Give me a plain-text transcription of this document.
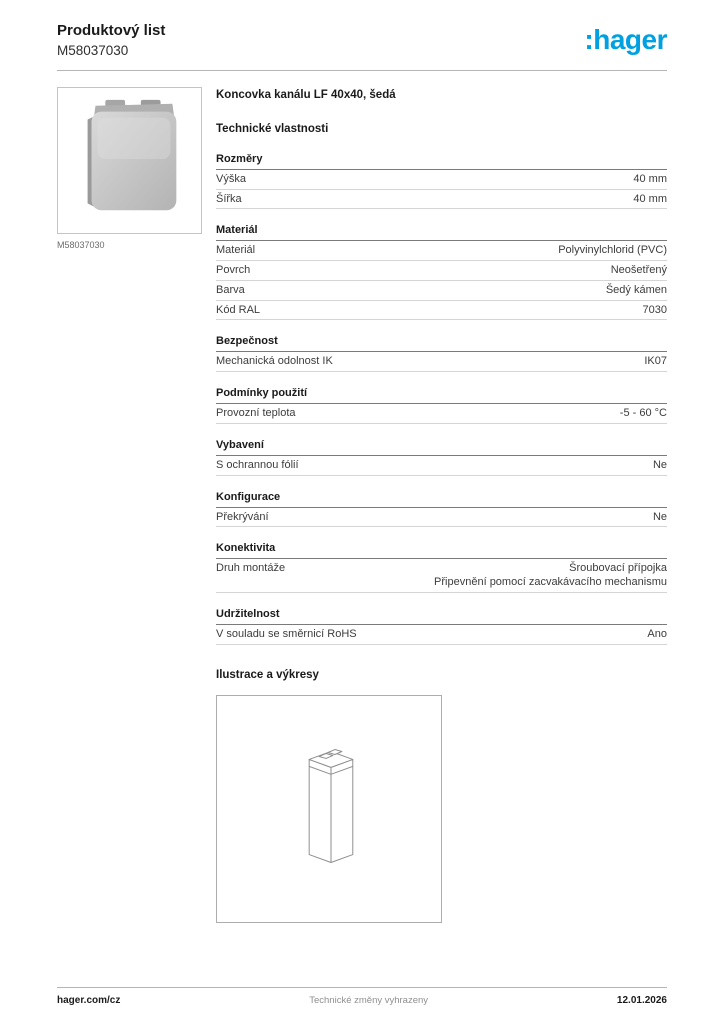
Produktový list
M58037030	:hager
M58037030
Koncovka kanálu LF 40x40, šedá
Technické vlastnosti
Rozměry
Výška	40 mm
Šířka	40 mm
Materiál
Materiál	Polyvinylchlorid (PVC)
Povrch	Neošetřený
Barva	Šedý kámen
Kód RAL	7030
Bezpečnost
Mechanická odolnost IK	IK07
Podmínky použití
Provozní teplota	-5 - 60 °C
Vybavení
S ochrannou fólií	Ne
Konfigurace
Překrývání	Ne
Konektivita
Druh montáže	Šroubovací přípojka
Připevnění pomocí zacvakávacího mechanismu
Udržitelnost
V souladu se směrnicí RoHS	Ano
Ilustrace a výkresy
hager.com/cz	Technické změny vyhrazeny	12.01.2026
